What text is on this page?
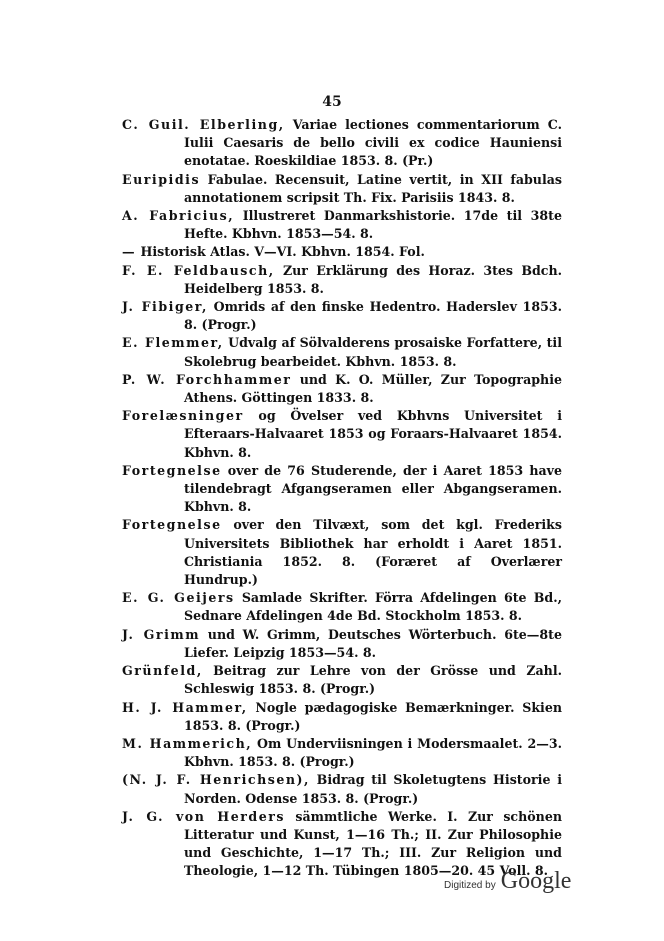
45
C. Guil. Elberling, Variae lectiones commentariorum C. Iulii Caesaris de bello civili ex codice Hauniensi enotatae. Roeskildiae 1853. 8. (Pr.)
Euripidis Fabulae. Recensuit, Latine vertit, in XII fabulas annotationem scripsit Th. Fix. Parisiis 1843. 8.
A. Fabricius, Illustreret Danmarkshistorie. 17de til 38te Hefte. Kbhvn. 1853—54. 8.
— Historisk Atlas. V—VI. Kbhvn. 1854. Fol.
F. E. Feldbausch, Zur Erklärung des Horaz. 3tes Bdch. Heidelberg 1853. 8.
J. Fibiger, Omrids af den finske Hedentro. Haderslev 1853. 8. (Progr.)
E. Flemmer, Udvalg af Sölvalderens prosaiske Forfattere, til Skolebrug bearbeidet. Kbhvn. 1853. 8.
P. W. Forchhammer und K. O. Müller, Zur Topographie Athens. Göttingen 1833. 8.
Forelæsninger og Övelser ved Kbhvns Universitet i Efteraars-Halvaaret 1853 og Foraars-Halvaaret 1854. Kbhvn. 8.
Fortegnelse over de 76 Studerende, der i Aaret 1853 have tilendebragt Afgangseramen eller Abgangseramen. Kbhvn. 8.
Fortegnelse over den Tilvæxt, som det kgl. Frederiks Universitets Bibliothek har erholdt i Aaret 1851. Christiania 1852. 8. (Foræret af Overlærer Hundrup.)
E. G. Geijers Samlade Skrifter. Förra Afdelingen 6te Bd., Sednare Afdelingen 4de Bd. Stockholm 1853. 8.
J. Grimm und W. Grimm, Deutsches Wörterbuch. 6te—8te Liefer. Leipzig 1853—54. 8.
Grünfeld, Beitrag zur Lehre von der Grösse und Zahl. Schleswig 1853. 8. (Progr.)
H. J. Hammer, Nogle pædagogiske Bemærkninger. Skien 1853. 8. (Progr.)
M. Hammerich, Om Underviisningen i Modersmaalet. 2—3. Kbhvn. 1853. 8. (Progr.)
(N. J. F. Henrichsen), Bidrag til Skoletugtens Historie i Norden. Odense 1853. 8. (Progr.)
J. G. von Herders sämmtliche Werke. I. Zur schönen Litteratur und Kunst, 1—16 Th.; II. Zur Philosophie und Geschichte, 1—17 Th.; III. Zur Religion und Theologie, 1—12 Th. Tübingen 1805—20. 45 Voll. 8.
Digitized by Google
